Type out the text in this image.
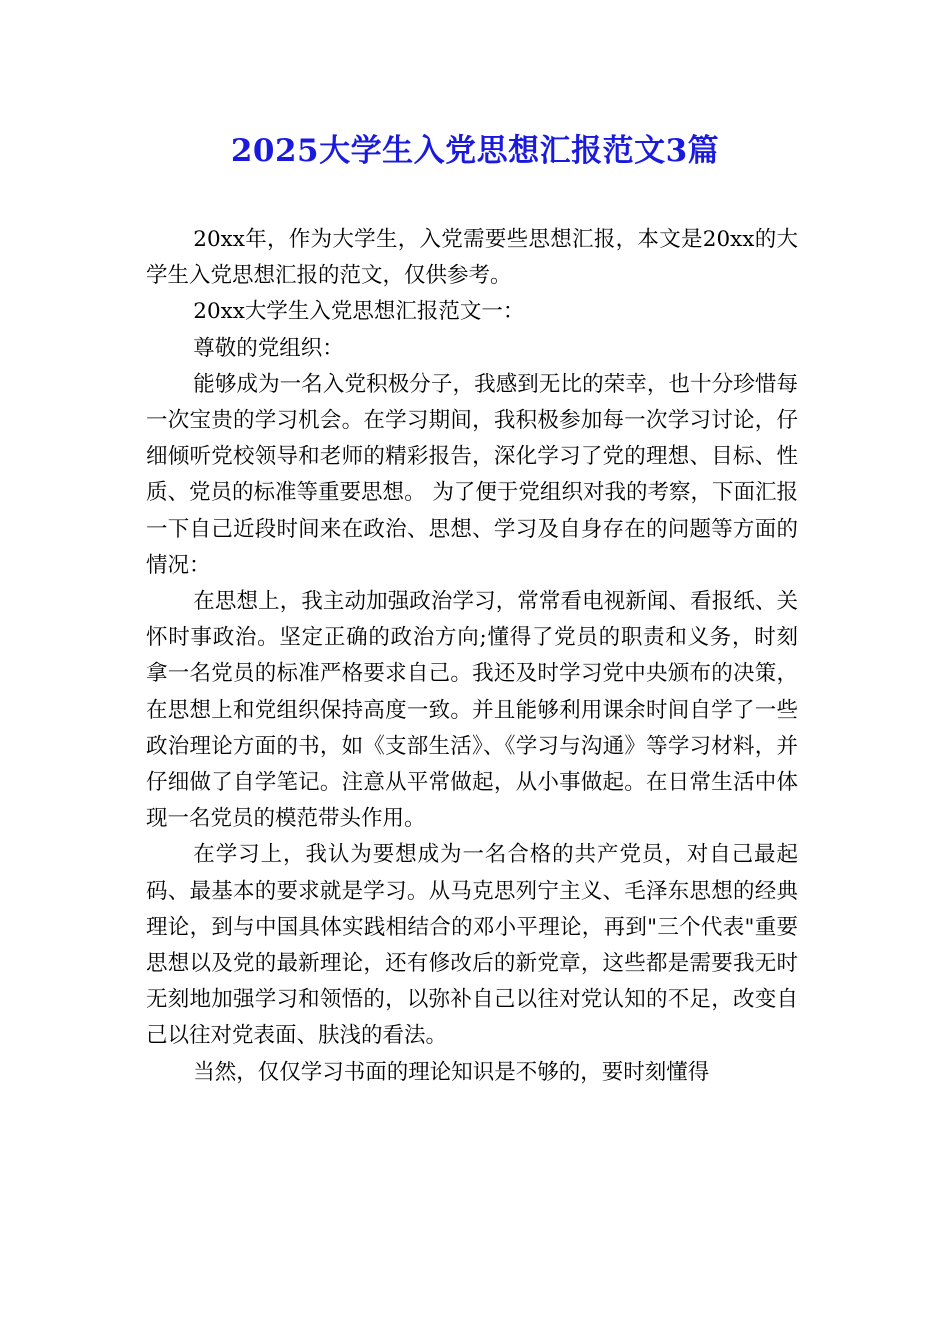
2025大学生入党思想汇报范文3篇

20xx年，作为大学生，入党需要些思想汇报，本文是20xx的大学生入党思想汇报的范文，仅供参考。

20xx大学生入党思想汇报范文一：

尊敬的党组织：

能够成为一名入党积极分子，我感到无比的荣幸，也十分珍惜每一次宝贵的学习机会。在学习期间，我积极参加每一次学习讨论，仔细倾听党校领导和老师的精彩报告，深化学习了党的理想、目标、性质、党员的标准等重要思想。 为了便于党组织对我的考察，下面汇报一下自己近段时间来在政治、思想、学习及自身存在的问题等方面的情况：

在思想上，我主动加强政治学习，常常看电视新闻、看报纸、关怀时事政治。坚定正确的政治方向;懂得了党员的职责和义务，时刻拿一名党员的标准严格要求自己。我还及时学习党中央颁布的决策，在思想上和党组织保持高度一致。并且能够利用课余时间自学了一些政治理论方面的书，如《支部生活》、《学习与沟通》等学习材料，并仔细做了自学笔记。注意从平常做起，从小事做起。在日常生活中体现一名党员的模范带头作用。

在学习上，我认为要想成为一名合格的共产党员，对自己最起码、最基本的要求就是学习。从马克思列宁主义、毛泽东思想的经典理论，到与中国具体实践相结合的邓小平理论，再到"三个代表"重要思想以及党的最新理论，还有修改后的新党章，这些都是需要我无时无刻地加强学习和领悟的，以弥补自己以往对党认知的不足，改变自己以往对党表面、肤浅的看法。

当然，仅仅学习书面的理论知识是不够的，要时刻懂得
